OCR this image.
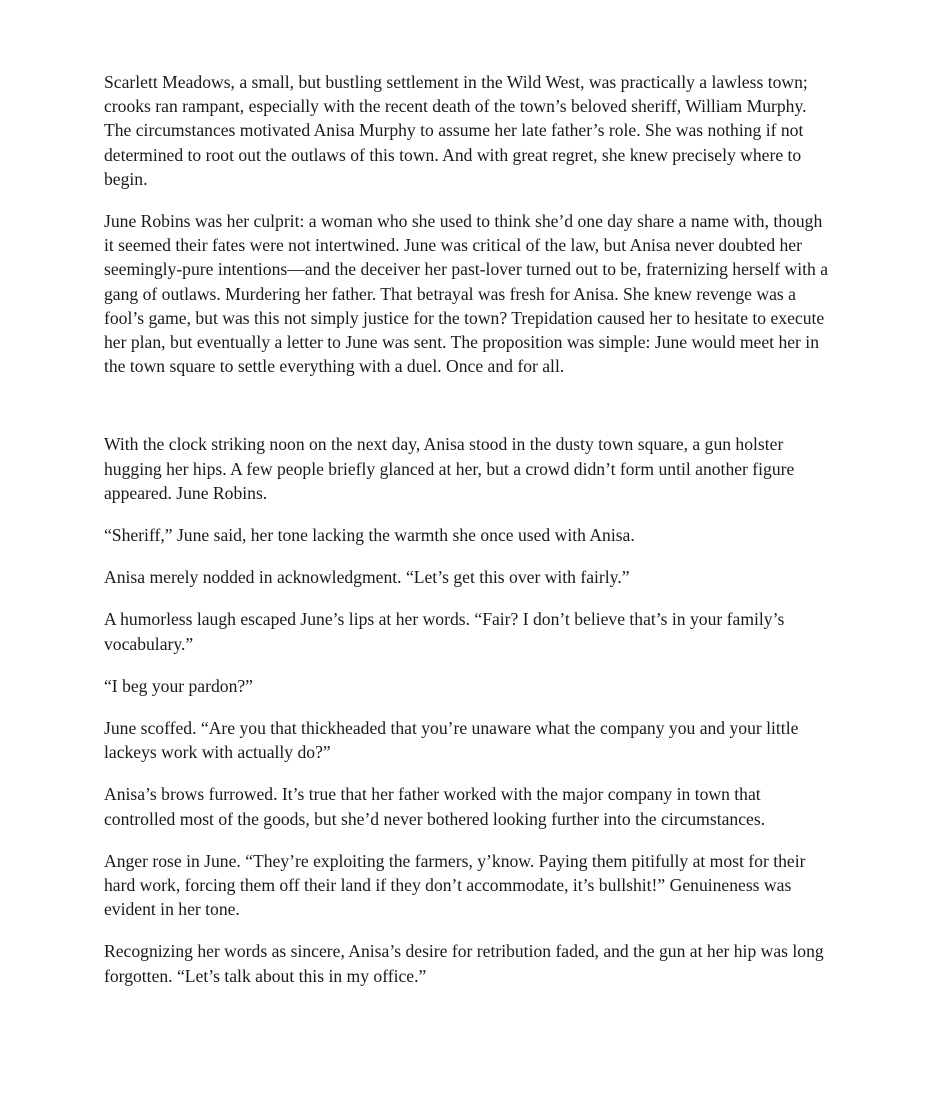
Scarlett Meadows, a small, but bustling settlement in the Wild West, was practically a lawless town; crooks ran rampant, especially with the recent death of the town’s beloved sheriff, William Murphy. The circumstances motivated Anisa Murphy to assume her late father’s role. She was nothing if not determined to root out the outlaws of this town. And with great regret, she knew precisely where to begin.

June Robins was her culprit: a woman who she used to think she’d one day share a name with, though it seemed their fates were not intertwined. June was critical of the law, but Anisa never doubted her seemingly-pure intentions—and the deceiver her past-lover turned out to be, fraternizing herself with a gang of outlaws. Murdering her father. That betrayal was fresh for Anisa. She knew revenge was a fool’s game, but was this not simply justice for the town? Trepidation caused her to hesitate to execute her plan, but eventually a letter to June was sent. The proposition was simple: June would meet her in the town square to settle everything with a duel. Once and for all.

With the clock striking noon on the next day, Anisa stood in the dusty town square, a gun holster hugging her hips. A few people briefly glanced at her, but a crowd didn’t form until another figure appeared. June Robins.

“Sheriff,” June said, her tone lacking the warmth she once used with Anisa.

Anisa merely nodded in acknowledgment. “Let’s get this over with fairly.”

A humorless laugh escaped June’s lips at her words. “Fair? I don’t believe that’s in your family’s vocabulary.”

“I beg your pardon?”

June scoffed. “Are you that thickheaded that you’re unaware what the company you and your little lackeys work with actually do?”

Anisa’s brows furrowed. It’s true that her father worked with the major company in town that controlled most of the goods, but she’d never bothered looking further into the circumstances.

Anger rose in June. “They’re exploiting the farmers, y’know. Paying them pitifully at most for their hard work, forcing them off their land if they don’t accommodate, it’s bullshit!” Genuineness was evident in her tone.

Recognizing her words as sincere, Anisa’s desire for retribution faded, and the gun at her hip was long forgotten. “Let’s talk about this in my office.”
